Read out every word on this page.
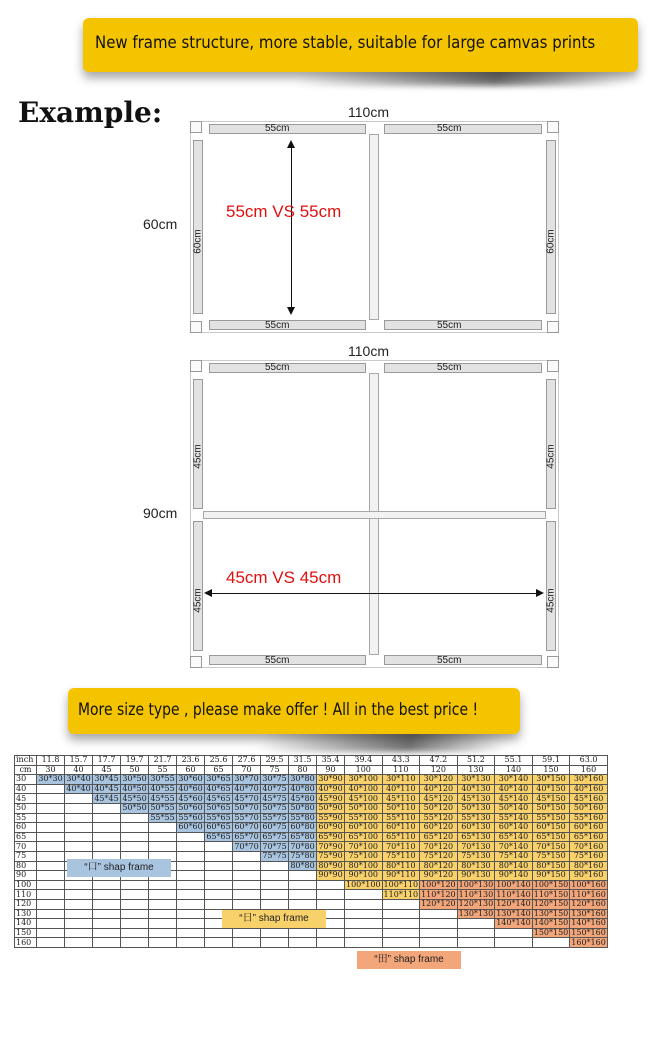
New frame structure, more stable, suitable for large camvas prints
Example:	110cm
60cm
55cm	55cm
55cm	55cm
60cm	60cm
55cm VS 55cm
110cm
90cm
55cm	55cm
55cm	55cm
45cm
45cm
45cm
45cm
45cm VS 45cm
More size type , please make offer ! All in the best price !
inch	11.8	15.7	17.7	19.7	21.7	23.6	25.6	27.6	29.5	31.5	35.4	39.4	43.3	47.2	51.2	55.1	59.1	63.0
cm	30	40	45	50	55	60	65	70	75	80	90	100	110	120	130	140	150	160
30	30*30	30*40	30*45	30*50	30*55	30*60	30*65	30*70	30*75	30*80	30*90	30*100	30*110	30*120	30*130	30*140	30*150	30*160
40		40*40	40*45	40*50	40*55	40*60	40*65	40*70	40*75	40*80	40*90	40*100	40*110	40*120	40*130	40*140	40*150	40*160
45			45*45	45*50	45*55	45*60	45*65	45*70	45*75	45*80	45*90	45*100	45*110	45*120	45*130	45*140	45*150	45*160
50				50*50	50*55	50*60	50*65	50*70	50*75	50*80	50*90	50*100	50*110	50*120	50*130	50*140	50*150	50*160
55					55*55	55*60	55*65	55*70	55*75	55*80	55*90	55*100	55*110	55*120	55*130	55*140	55*150	55*160
60						60*60	60*65	60*70	60*75	60*80	60*90	60*100	60*110	60*120	60*130	60*140	60*150	60*160
65							65*65	65*70	65*75	65*80	65*90	65*100	65*110	65*120	65*130	65*140	65*150	65*160
70								70*70	70*75	70*80	70*90	70*100	70*110	70*120	70*130	70*140	70*150	70*160
75									75*75	75*80	75*90	75*100	75*110	75*120	75*130	75*140	75*150	75*160
80										80*80	80*90	80*100	80*110	80*120	80*130	80*140	80*150	80*160
90											90*90	90*100	90*110	90*120	90*130	90*140	90*150	90*160
100												100*100	100*110	100*120	100*130	100*140	100*150	100*160
110													110*110	110*120	110*130	110*140	110*150	110*160
120														120*120	120*130	120*140	120*150	120*160
130															130*130	130*140	130*150	130*160
140																140*140	140*150	140*160
150																	150*150	150*160
160																		160*160
“口” shap frame
“日” shap frame
“田” shap frame
